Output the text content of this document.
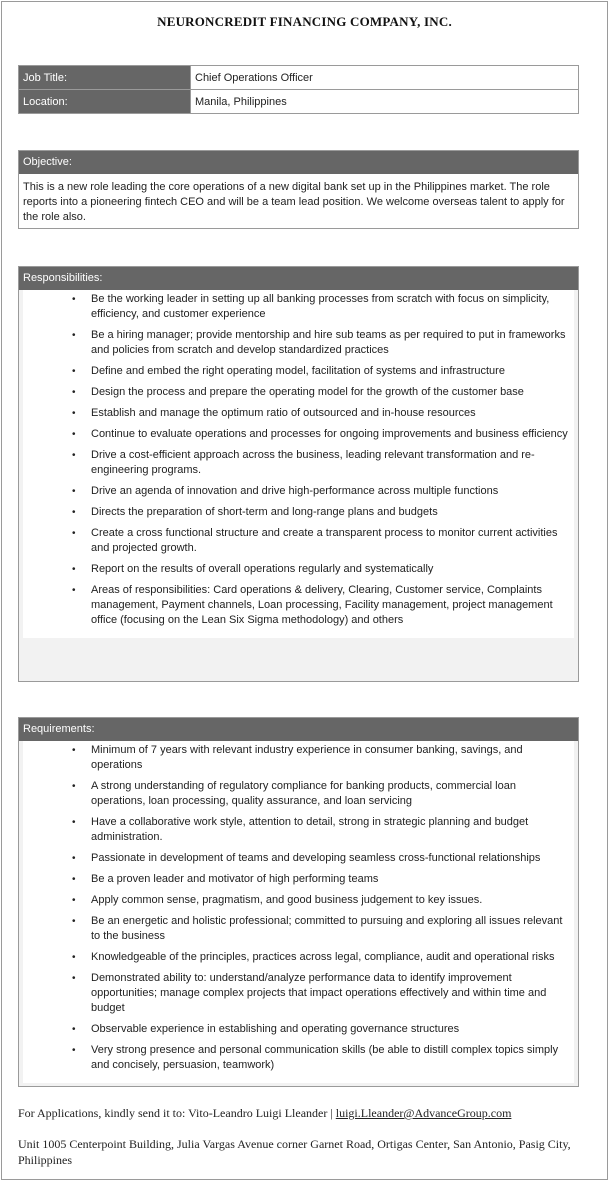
NEURONCREDIT FINANCING COMPANY, INC.
Job Title:	Chief Operations Officer
Location:	Manila, Philippines
Objective:
This is a new role leading the core operations of a new digital bank set up in the Philippines market. The role reports into a pioneering fintech CEO and will be a team lead position. We welcome overseas talent to apply for the role also.
Responsibilities:
• Be the working leader in setting up all banking processes from scratch with focus on simplicity, efficiency, and customer experience
• Be a hiring manager; provide mentorship and hire sub teams as per required to put in frameworks and policies from scratch and develop standardized practices
• Define and embed the right operating model, facilitation of systems and infrastructure
• Design the process and prepare the operating model for the growth of the customer base
• Establish and manage the optimum ratio of outsourced and in-house resources
• Continue to evaluate operations and processes for ongoing improvements and business efficiency
• Drive a cost-efficient approach across the business, leading relevant transformation and re-engineering programs.
• Drive an agenda of innovation and drive high-performance across multiple functions
• Directs the preparation of short-term and long-range plans and budgets
• Create a cross functional structure and create a transparent process to monitor current activities and projected growth.
• Report on the results of overall operations regularly and systematically
• Areas of responsibilities: Card operations & delivery, Clearing, Customer service, Complaints management, Payment channels, Loan processing, Facility management, project management office (focusing on the Lean Six Sigma methodology) and others
Requirements:
• Minimum of 7 years with relevant industry experience in consumer banking, savings, and operations
• A strong understanding of regulatory compliance for banking products, commercial loan operations, loan processing, quality assurance, and loan servicing
• Have a collaborative work style, attention to detail, strong in strategic planning and budget administration.
• Passionate in development of teams and developing seamless cross-functional relationships
• Be a proven leader and motivator of high performing teams
• Apply common sense, pragmatism, and good business judgement to key issues.
• Be an energetic and holistic professional; committed to pursuing and exploring all issues relevant to the business
• Knowledgeable of the principles, practices across legal, compliance, audit and operational risks
• Demonstrated ability to: understand/analyze performance data to identify improvement opportunities; manage complex projects that impact operations effectively and within time and budget
• Observable experience in establishing and operating governance structures
• Very strong presence and personal communication skills (be able to distill complex topics simply and concisely, persuasion, teamwork)
For Applications, kindly send it to: Vito-Leandro Luigi Lleander | luigi.Lleander@AdvanceGroup.com
Unit 1005 Centerpoint Building, Julia Vargas Avenue corner Garnet Road, Ortigas Center, San Antonio, Pasig City, Philippines
